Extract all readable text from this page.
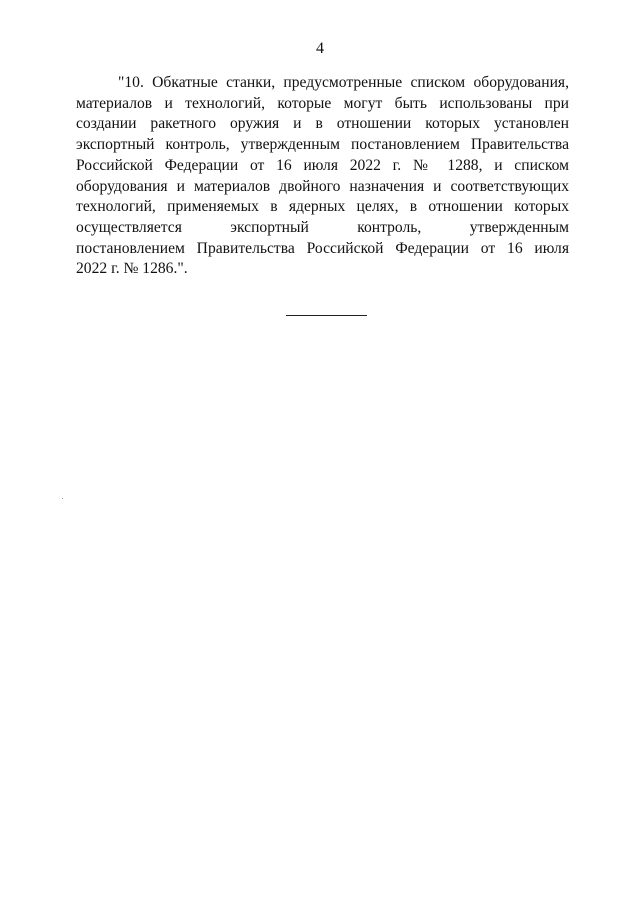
4
"10. Обкатные станки, предусмотренные списком оборудования,
материалов и технологий, которые могут быть использованы при
создании ракетного оружия и в отношении которых установлен
экспортный контроль, утвержденным постановлением Правительства
Российской Федерации от 16 июля 2022 г. № 1288, и списком
оборудования и материалов двойного назначения и соответствующих
технологий, применяемых в ядерных целях, в отношении которых
осуществляется экспортный контроль, утвержденным
постановлением Правительства Российской Федерации от 16 июля
2022 г. № 1286.".
